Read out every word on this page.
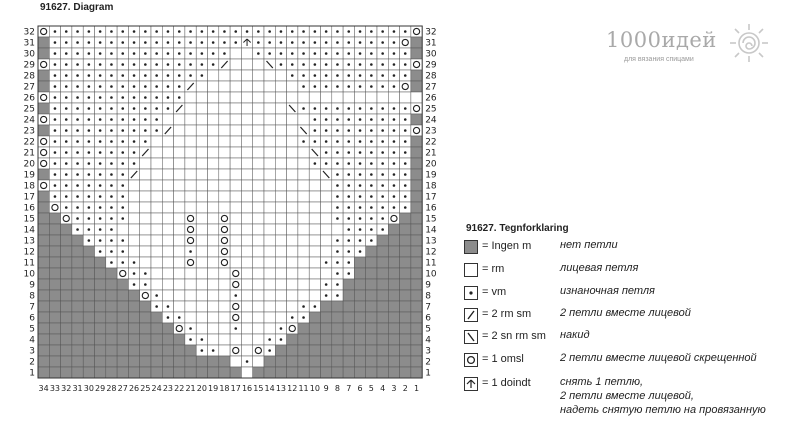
91627. Diagram
32	32
31	31
30	30
29	29
28	28
27	27
26	26
25	25
24	24
23	23
22	22
21	21
20	20
19	19
18	18
17	17
16	16
15	15
14	14
13	13
12	12
11	11
10	10
9	9
8	8
7	7
6	6
5	5
4	4
3	3
2	2
1	1
34 33 32 31 30 29 28 27 26 25 24 23 22 21 20 19 18 17 16 15 14 13 12 11 10 9 8 7 6 5 4 3 2 1
1000идей
для вязания спицами
91627. Tegnforklaring
= Ingen m	нет петли
= rm	лицевая петля
= vm	изнаночная петля
= 2 rm sm	2 петли вместе лицевой
= 2 sn rm sm накид
= 1 omsl	2 петли вместе лицевой скрещенной
= 1 doindt	снять 1 петлю,
2 петли вместе лицевой,
надеть снятую петлю на провязанную
